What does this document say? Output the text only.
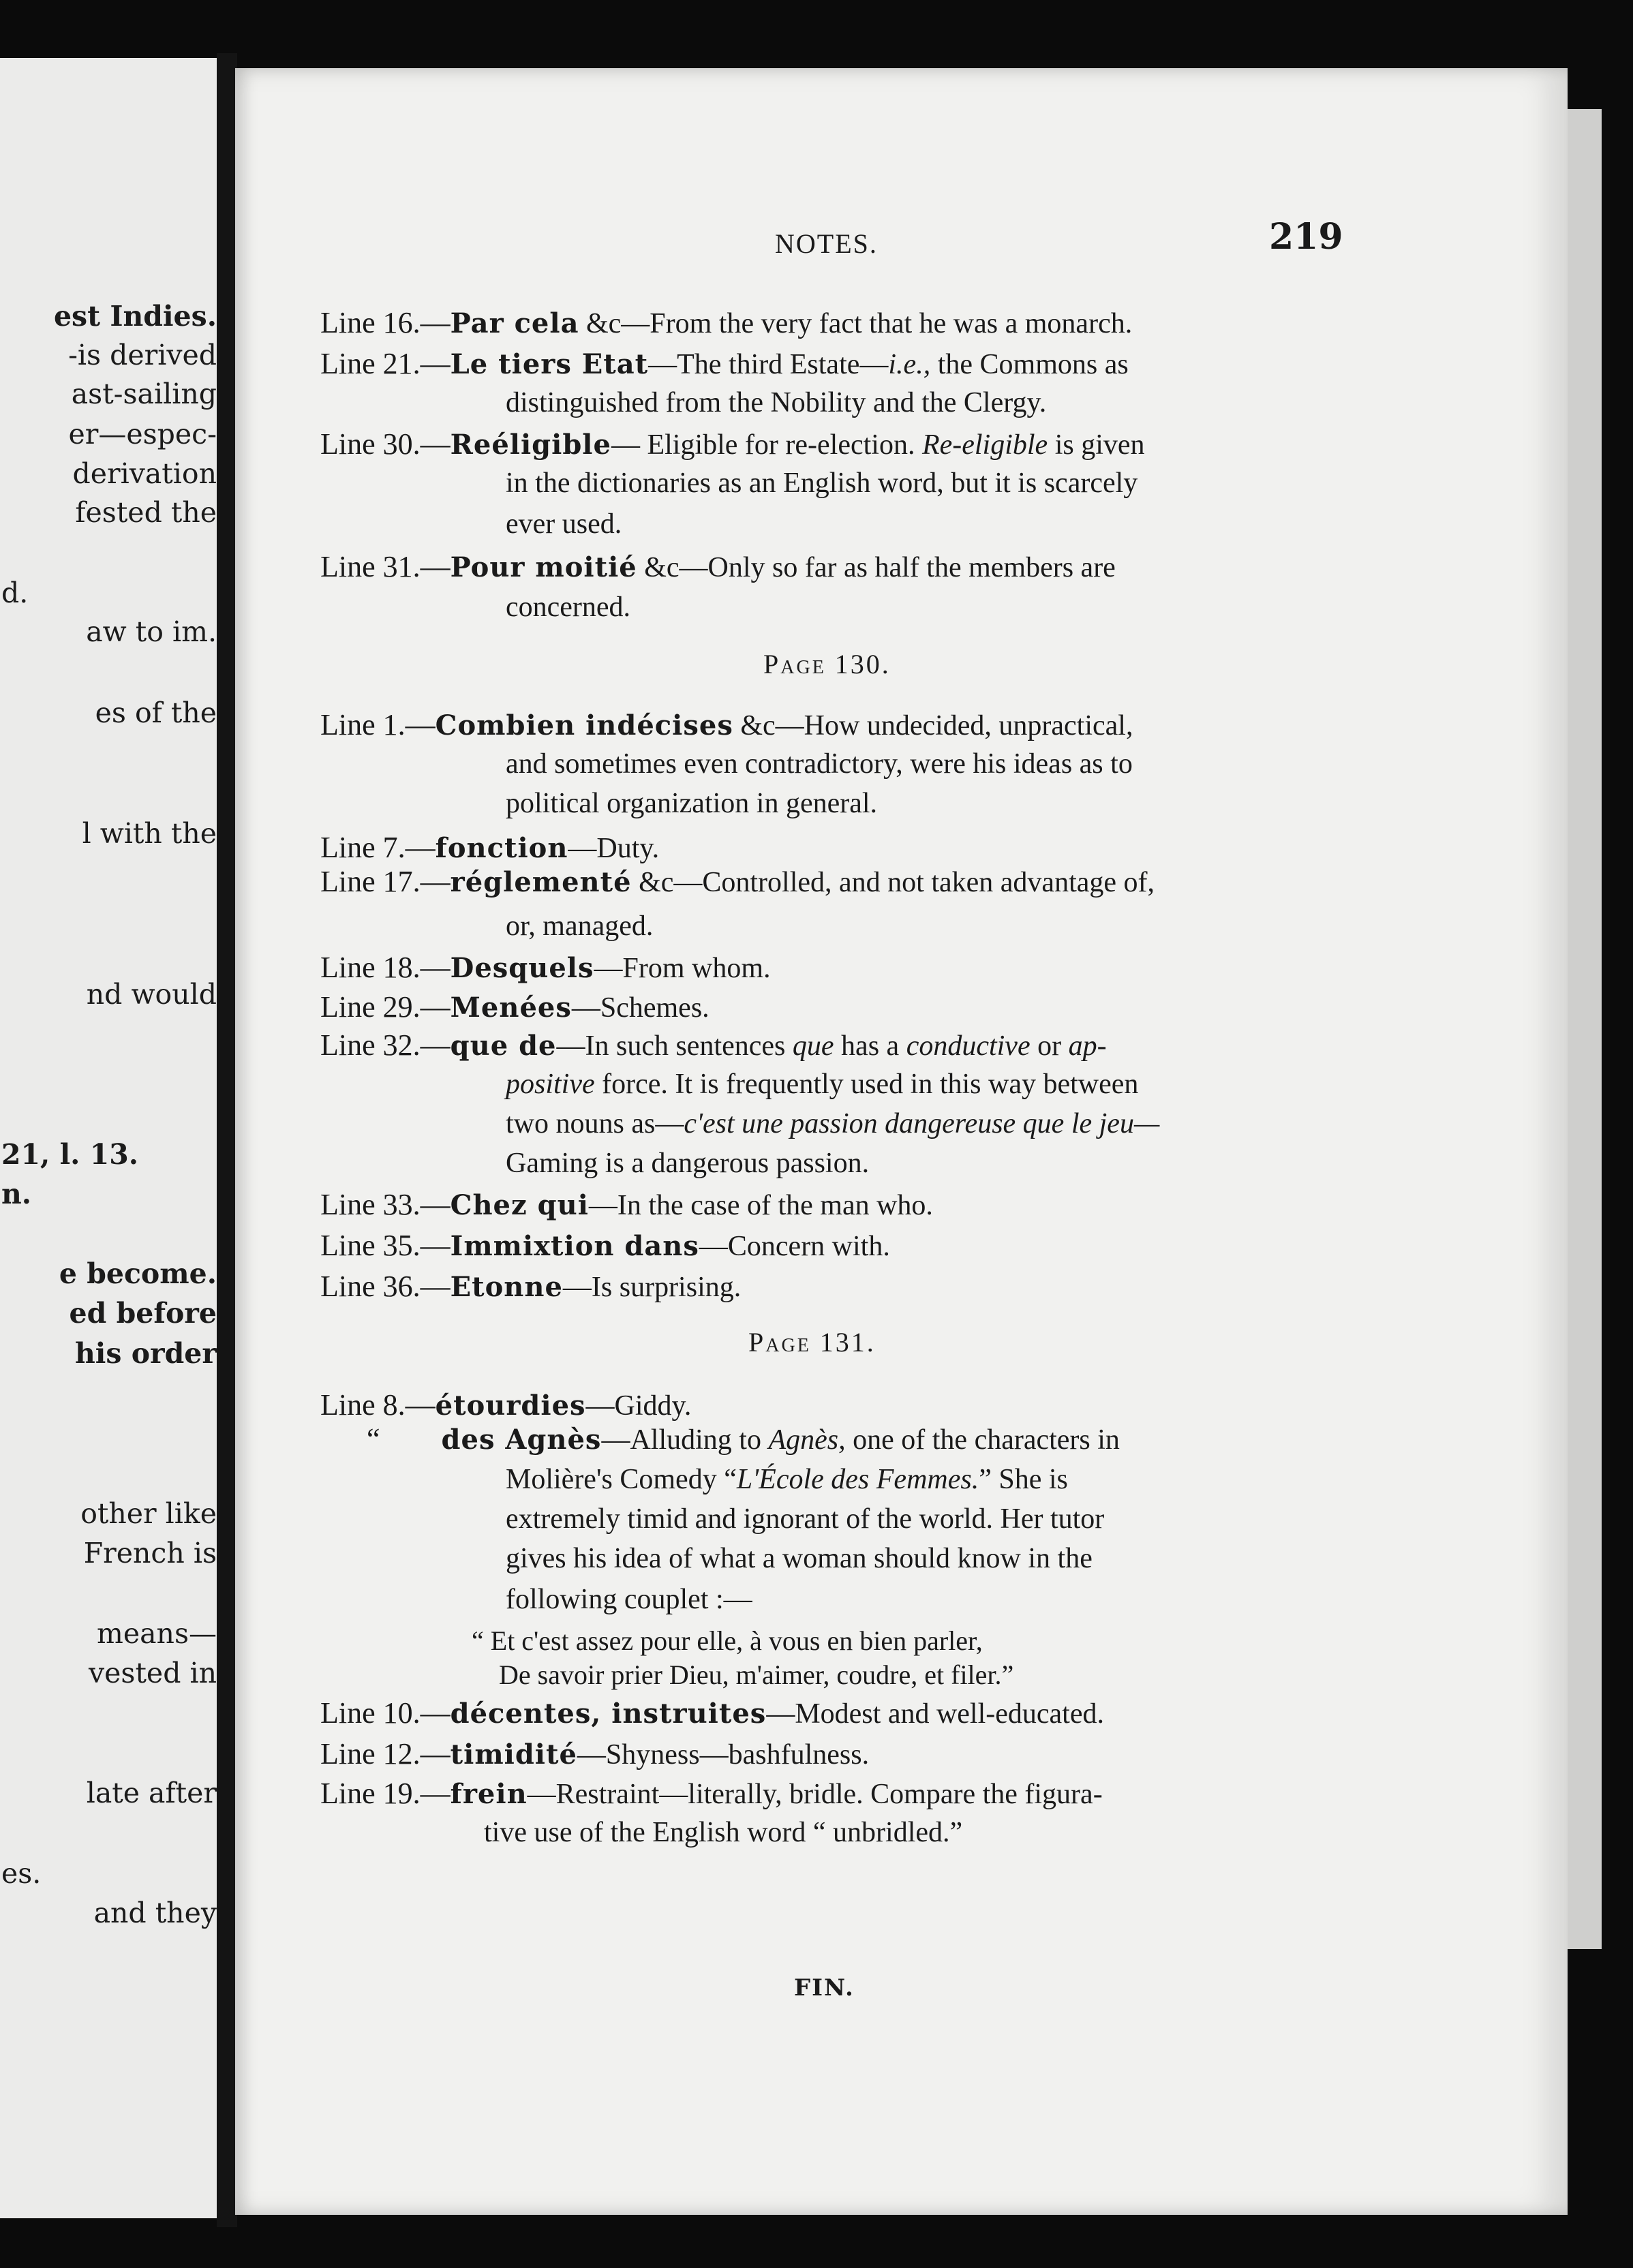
est Indies.
-is derived
ast-sailing
er—espec-
derivation
fested the
d.
aw to im.
es of the
l with the
nd would
21, l. 13.
n.
e become.
ed before
his order
other like
French is
means—
vested in
late after
es.
and they
NOTES.	219
Line 16.—Par cela &c—From the very fact that he was a monarch.
Line 21.—Le tiers Etat—The third Estate—i.e., the Commons as
distinguished from the Nobility and the Clergy.
Line 30.—Reéligible— Eligible for re-election. Re-eligible is given
in the dictionaries as an English word, but it is scarcely
ever used.
Line 31.—Pour moitié &c—Only so far as half the members are
concerned.
Page 130.
Line 1.—Combien indécises &c—How undecided, unpractical,
and sometimes even contradictory, were his ideas as to
political organization in general.
Line 7.—fonction—Duty.
Line 17.—réglementé &c—Controlled, and not taken advantage of,
or, managed.
Line 18.—Desquels—From whom.
Line 29.—Menées—Schemes.
Line 32.—que de—In such sentences que has a conductive or ap-
positive force. It is frequently used in this way between
two nouns as—c'est une passion dangereuse que le jeu—
Gaming is a dangerous passion.
Line 33.—Chez qui—In the case of the man who.
Line 35.—Immixtion dans—Concern with.
Line 36.—Etonne—Is surprising.
Page 131.
Line 8.—étourdies—Giddy.
“ des Agnès—Alluding to Agnès, one of the characters in
Molière's Comedy “L'École des Femmes.” She is
extremely timid and ignorant of the world. Her tutor
gives his idea of what a woman should know in the
following couplet :—
“ Et c'est assez pour elle, à vous en bien parler,
De savoir prier Dieu, m'aimer, coudre, et filer.”
Line 10.—décentes, instruites—Modest and well-educated.
Line 12.—timidité—Shyness—bashfulness.
Line 19.—frein—Restraint—literally, bridle. Compare the figura-
tive use of the English word “ unbridled.”
FIN.
